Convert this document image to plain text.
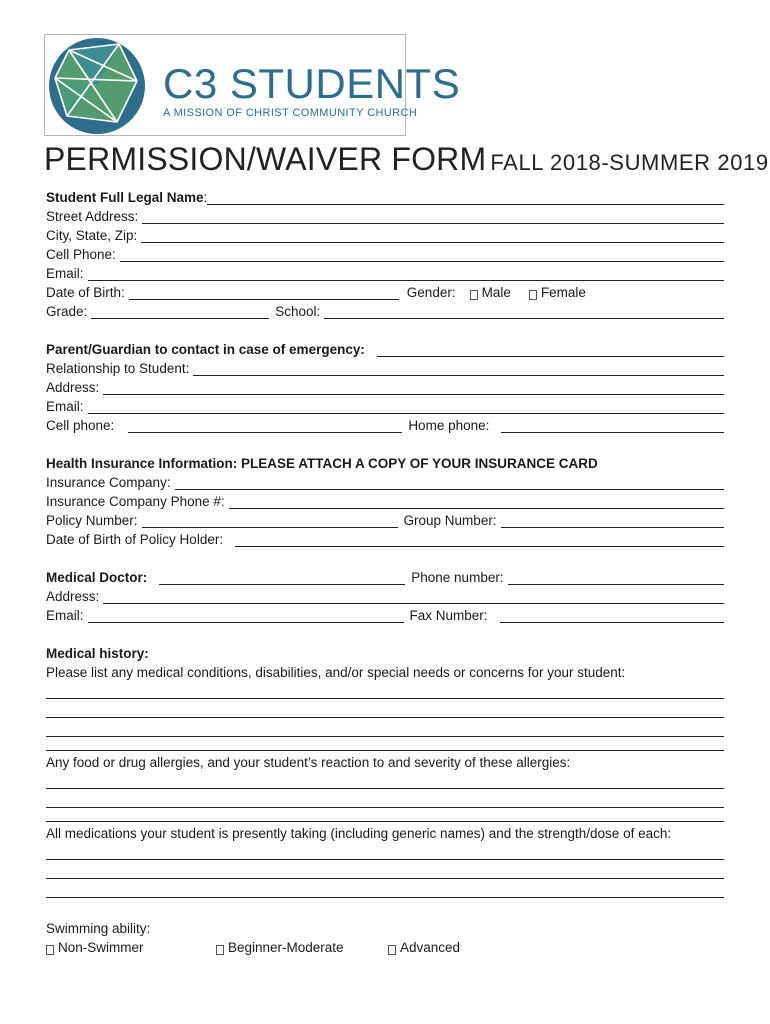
C3 STUDENTS
A MISSION OF CHRIST COMMUNITY CHURCH
PERMISSION/WAIVER FORM FALL 2018-SUMMER 2019
Student Full Legal Name :
Street Address:
City, State, Zip:
Cell Phone:
Email:
Date of Birth:	Gender: Male Female
Grade:	School:
Parent/Guardian to contact in case of emergency:
Relationship to Student:
Address:
Email:
Cell phone:	Home phone:
Health Insurance Information: PLEASE ATTACH A COPY OF YOUR INSURANCE CARD
Insurance Company:
Insurance Company Phone #:
Policy Number:	Group Number:
Date of Birth of Policy Holder:
Medical Doctor:	Phone number:
Address:
Email:	Fax Number:
Medical history:
Please list any medical conditions, disabilities, and/or special needs or concerns for your student:
Any food or drug allergies, and your student’s reaction to and severity of these allergies:
All medications your student is presently taking (including generic names) and the strength/dose of each:
Swimming ability:
Non-Swimmer	Beginner-Moderate	Advanced
